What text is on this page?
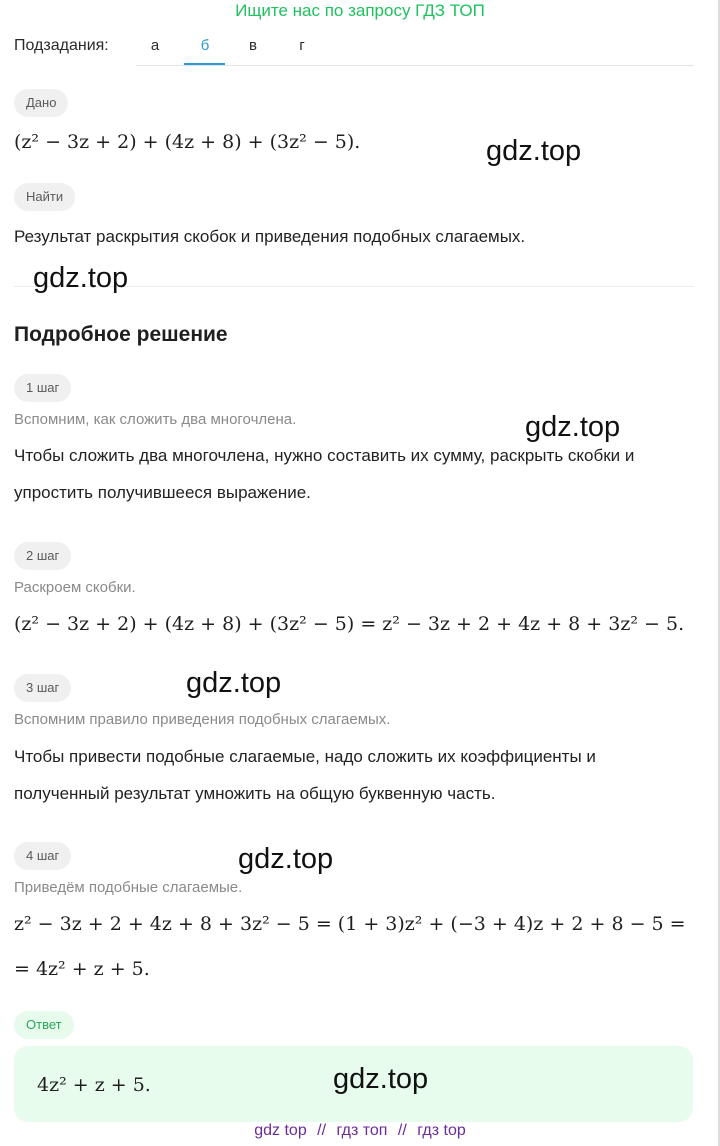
Ищите нас по запросу ГДЗ ТОП
Подзадания:	а	б	в	г
Дано
(z² − 3z + 2) + (4z + 8) + (3z² − 5).
Найти
Результат раскрытия скобок и приведения подобных слагаемых.
Подробное решение
1 шаг
Вспомним, как сложить два многочлена.
Чтобы сложить два многочлена, нужно составить их сумму, раскрыть скобки и
упростить получившееся выражение.
2 шаг
Раскроем скобки.
(z² − 3z + 2) + (4z + 8) + (3z² − 5) = z² − 3z + 2 + 4z + 8 + 3z² − 5.
3 шаг
Вспомним правило приведения подобных слагаемых.
Чтобы привести подобные слагаемые, надо сложить их коэффициенты и
полученный результат умножить на общую буквенную часть.
4 шаг
Приведём подобные слагаемые.
z² − 3z + 2 + 4z + 8 + 3z² − 5 = (1 + 3)z² + (−3 + 4)z + 2 + 8 − 5 =
= 4z² + z + 5.
Ответ
4z² + z + 5.
gdz.top
gdz.top
gdz.top
gdz.top
gdz.top
gdz.top
gdz top // гдз топ // гдз top
